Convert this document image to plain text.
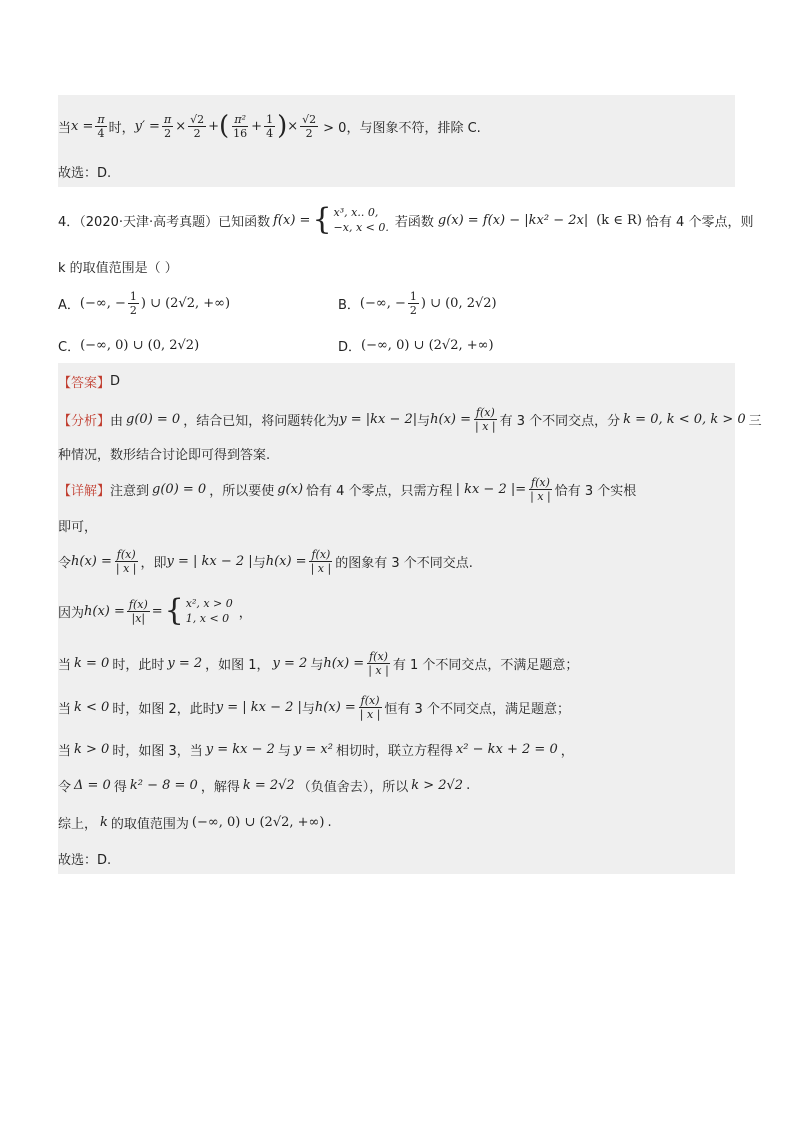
当 $x = \frac{\pi}{4}$ 时， $y' = \frac{\pi}{2} \times \frac{√2}{2}$ + ( $\frac{\text{π²}}{16} + \frac{1}{4}$ ) × $\frac{√2}{2} > 0$，与图象不符，排除 C.
故选：D.
4．（2020·天津·高考真题）已知函数 f(x) = { x³, x.. 0,
−x, x < 0. 若函数 g(x) = f(x) − |kx² − 2x| (k ∈ R) 恰有 4 个零点，则
k 的取值范围是（ ）
A． (−∞, − $\frac{1}{2}$ ) ∪ (2√2, +∞)	B． (−∞, − $\frac{1}{2}$ ) ∪ (0, 2√2)
C． (−∞, 0) ∪ (0, 2√2)	D． (−∞, 0) ∪ (2√2, +∞)
【答案】 D
【分析】 由 g(0) = 0 ，结合已知，将问题转化为 y = |kx − 2| 与 $h(x) = \frac{f(x)}{| x |}$ 有 3 个不同交点，分 k = 0, k < 0, k > 0 三
种情况，数形结合讨论即可得到答案.
【详解】 注意到 g(0) = 0 ，所以要使 g(x) 恰有 4 个零点，只需方程 | kx − 2 |= $\frac{f(x)}{| x |}$ 恰有 3 个实根
即可，
令 $h(x) = \frac{f(x)}{| x |}$ ，即 y = | kx − 2 | 与 $h(x) = \frac{f(x)}{| x |}$ 的图象有 3 个不同交点.
因为 $h(x) = \frac{f(x)}{|x|}$ = { x², x > 0
1, x < 0 ，
当 k = 0 时，此时 y = 2 ，如图 1， y = 2 与 $h(x) = \frac{f(x)}{| x |}$ 有 1 个不同交点，不满足题意；
当 k < 0 时，如图 2，此时 y = | kx − 2 | 与 $h(x) = \frac{f(x)}{| x |}$ 恒有 3 个不同交点，满足题意；
当 k > 0 时，如图 3，当 y = kx − 2 与 y = x² 相切时，联立方程得 x² − kx + 2 = 0 ，
令 Δ = 0 得 k² − 8 = 0 ，解得 k = 2√2 （负值舍去），所以 k > 2√2 .
综上， k 的取值范围为 (−∞, 0) ∪ (2√2, +∞) .
故选：D.
